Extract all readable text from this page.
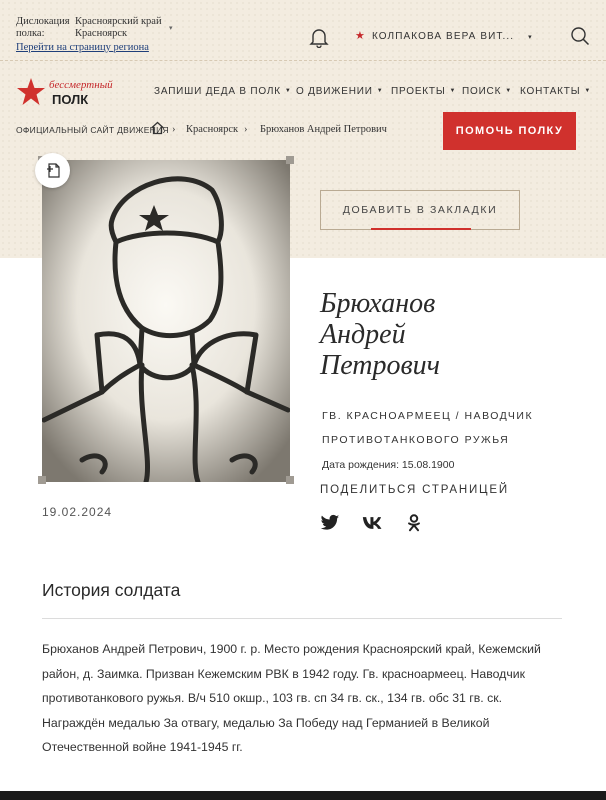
Дислокация полка:
Красноярский край Красноярск	▾
Перейти на страницу региона
★ КОЛПАКОВА ВЕРА ВИТ... ▾
бессмертный
ПОЛК
ЗАПИШИ ДЕДА В ПОЛК ▼ О ДВИЖЕНИИ ▼ ПРОЕКТЫ ▼ ПОИСК ▼ КОНТАКТЫ ▼
ОФИЦИАЛЬНЫЙ САЙТ ДВИЖЕНИЯ › Красноярск › Брюханов Андрей Петрович	ПОМОЧЬ ПОЛКУ
ДОБАВИТЬ В ЗАКЛАДКИ
Брюханов
Андрей
Петрович
ГВ. КРАСНОАРМЕЕЦ / НАВОДЧИК
ПРОТИВОТАНКОВОГО РУЖЬЯ
Дата рождения: 15.08.1900
ПОДЕЛИТЬСЯ СТРАНИЦЕЙ
19.02.2024
История солдата
Брюханов Андрей Петрович, 1900 г. р. Место рождения Красноярский край, Кежемский район, д. Заимка. Призван Кежемским РВК в 1942 году. Гв. красноармеец. Наводчик противотанкового ружья. В/ч 510 окшр., 103 гв. сп 34 гв. ск., 134 гв. обс 31 гв. ск. Награждён медалью За отвагу, медалью За Победу над Германией в Великой Отечественной войне 1941-1945 гг.
